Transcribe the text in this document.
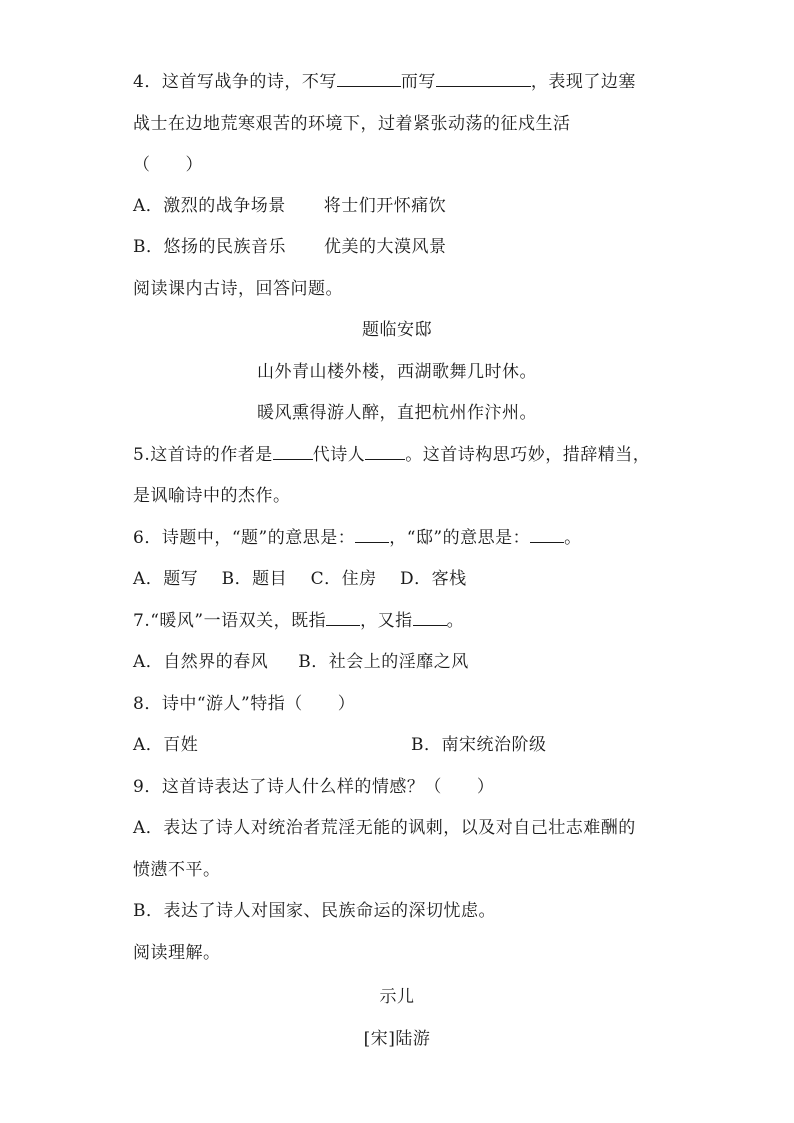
4．这首写战争的诗，不写	而写	，表现了边塞
战士在边地荒寒艰苦的环境下，过着紧张动荡的征戍生活
（　　）
A．激烈的战争场景 将士们开怀痛饮
B．悠扬的民族音乐 优美的大漠风景
阅读课内古诗，回答问题。
题临安邸
山外青山楼外楼，西湖歌舞几时休。
暖风熏得游人醉，直把杭州作汴州。
5.这首诗的作者是 代诗人 。这首诗构思巧妙，措辞精当，
是讽喻诗中的杰作。
6．诗题中，“题”的意思是： ，“邸”的意思是： 。
A．题写　 B．题目　 C．住房　 D．客栈
7.“暖风”一语双关，既指 ，又指 。
A．自然界的春风 B．社会上的淫靡之风
8．诗中“游人”特指（　　）
A．百姓	B．南宋统治阶级
9．这首诗表达了诗人什么样的情感？（　　）
A．表达了诗人对统治者荒淫无能的讽刺，以及对自己壮志难酬的
愤懑不平。
B．表达了诗人对国家、民族命运的深切忧虑。
阅读理解。
示儿
[宋]陆游
